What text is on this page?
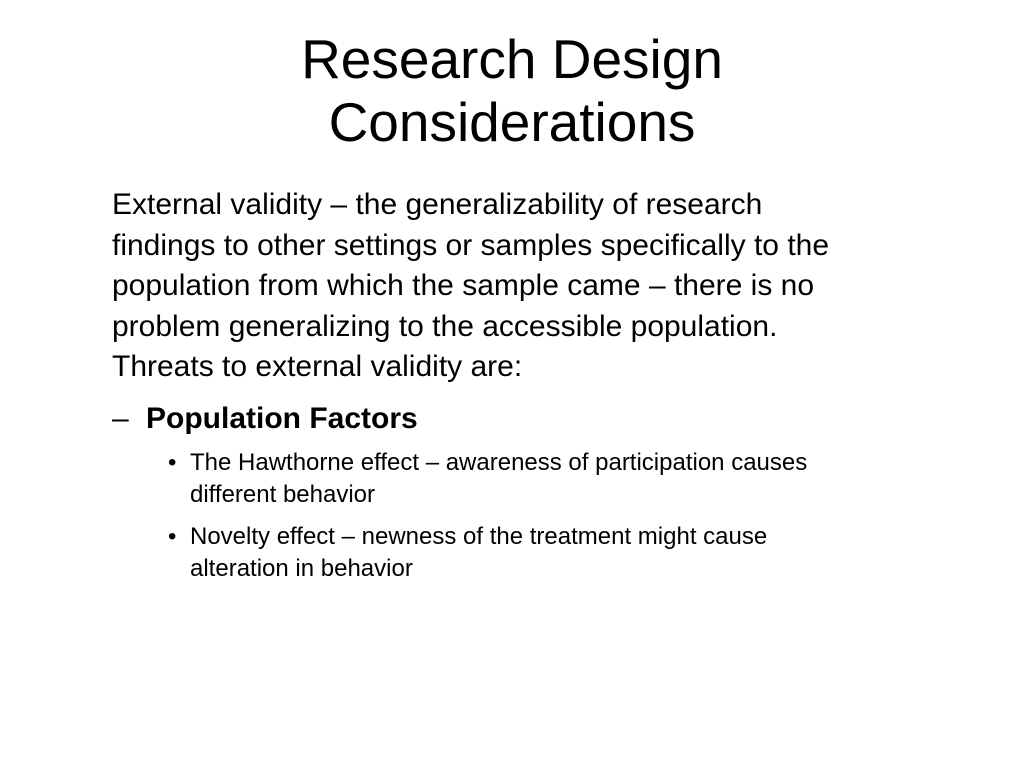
Research Design
Considerations

External validity – the generalizability of research
findings to other settings or samples specifically to the
population from which the sample came – there is no
problem generalizing to the accessible population.
Threats to external validity are:

– Population Factors
• The Hawthorne effect – awareness of participation causes
different behavior
• Novelty effect – newness of the treatment might cause
alteration in behavior
